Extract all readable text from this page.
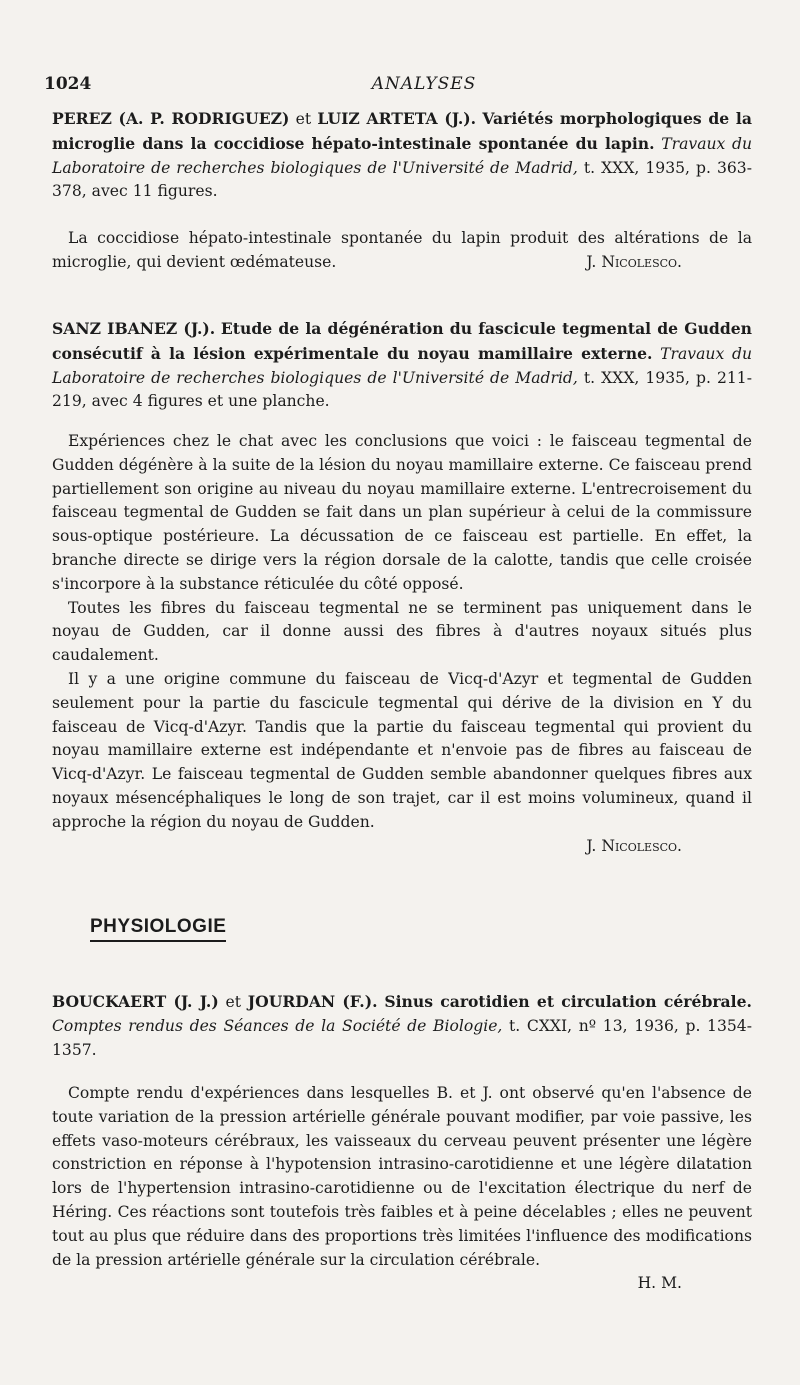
1024	ANALYSES
PEREZ (A. P. RODRIGUEZ) et LUIZ ARTETA (J.). Variétés morphologiques de la microglie dans la coccidiose hépato-intestinale spontanée du lapin. Travaux du Laboratoire de recherches biologiques de l'Université de Madrid, t. XXX, 1935, p. 363-378, avec 11 figures.

La coccidiose hépato-intestinale spontanée du lapin produit des altérations de la microglie, qui devient œdémateuse.	J. Nicolesco.

SANZ IBANEZ (J.). Etude de la dégénération du fascicule tegmental de Gudden consécutif à la lésion expérimentale du noyau mamillaire externe. Travaux du Laboratoire de recherches biologiques de l'Université de Madrid, t. XXX, 1935, p. 211-219, avec 4 figures et une planche.

Expériences chez le chat avec les conclusions que voici : le faisceau tegmental de Gudden dégénère à la suite de la lésion du noyau mamillaire externe. Ce faisceau prend partiellement son origine au niveau du noyau mamillaire externe. L'entrecroisement du faisceau tegmental de Gudden se fait dans un plan supérieur à celui de la commissure sous-optique postérieure. La décussation de ce faisceau est partielle. En effet, la branche directe se dirige vers la région dorsale de la calotte, tandis que celle croisée s'incorpore à la substance réticulée du côté opposé.

Toutes les fibres du faisceau tegmental ne se terminent pas uniquement dans le noyau de Gudden, car il donne aussi des fibres à d'autres noyaux situés plus caudalement.

Il y a une origine commune du faisceau de Vicq-d'Azyr et tegmental de Gudden seulement pour la partie du fascicule tegmental qui dérive de la division en Y du faisceau de Vicq-d'Azyr. Tandis que la partie du faisceau tegmental qui provient du noyau mamillaire externe est indépendante et n'envoie pas de fibres au faisceau de Vicq-d'Azyr. Le faisceau tegmental de Gudden semble abandonner quelques fibres aux noyaux mésencéphaliques le long de son trajet, car il est moins volumineux, quand il approche la région du noyau de Gudden.

J. Nicolesco.
PHYSIOLOGIE
BOUCKAERT (J. J.) et JOURDAN (F.). Sinus carotidien et circulation cérébrale. Comptes rendus des Séances de la Société de Biologie, t. CXXI, nº 13, 1936, p. 1354-1357.

Compte rendu d'expériences dans lesquelles B. et J. ont observé qu'en l'absence de toute variation de la pression artérielle générale pouvant modifier, par voie passive, les effets vaso-moteurs cérébraux, les vaisseaux du cerveau peuvent présenter une légère constriction en réponse à l'hypotension intrasino-carotidienne et une légère dilatation lors de l'hypertension intrasino-carotidienne ou de l'excitation électrique du nerf de Héring. Ces réactions sont toutefois très faibles et à peine décelables ; elles ne peuvent tout au plus que réduire dans des proportions très limitées l'influence des modifications de la pression artérielle générale sur la circulation cérébrale.

H. M.
